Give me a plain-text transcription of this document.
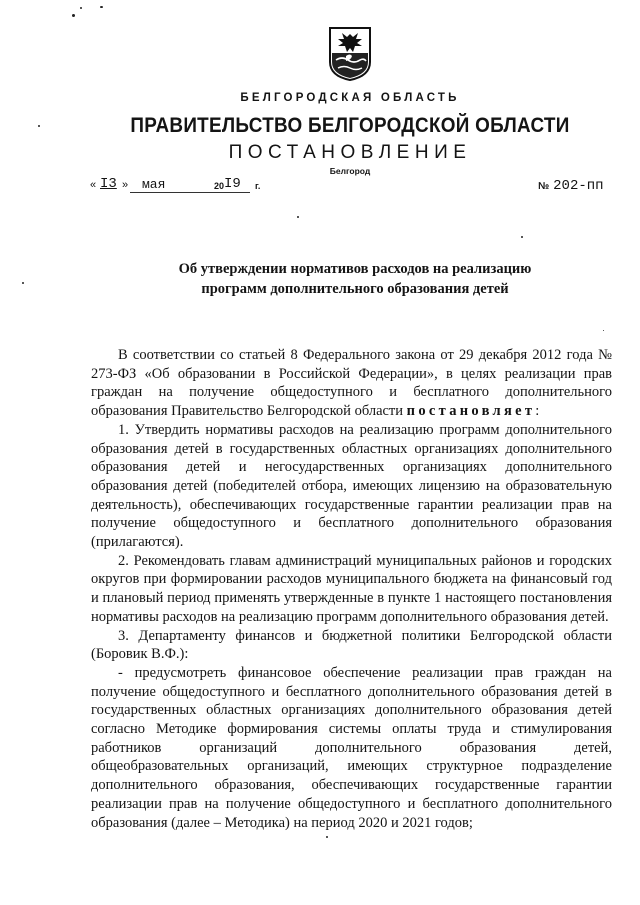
БЕЛГОРОДСКАЯ ОБЛАСТЬ
ПРАВИТЕЛЬСТВО БЕЛГОРОДСКОЙ ОБЛАСТИ
ПОСТАНОВЛЕНИЕ
Белгород
« I3 » мая	20 I9 г.	№ 202-пп
Об утверждении нормативов расходов на реализацию
программ дополнительного образования детей

В соответствии со статьей 8 Федерального закона от 29 декабря 2012 года № 273-ФЗ «Об образовании в Российской Федерации», в целях реализации прав граждан на получение общедоступного и бесплатного дополнительного образования Правительство Белгородской области постановляет:

1. Утвердить нормативы расходов на реализацию программ дополнительного образования детей в государственных областных организациях дополнительного образования детей и негосударственных организациях дополнительного образования детей (победителей отбора, имеющих лицензию на образовательную деятельность), обеспечивающих государственные гарантии реализации прав на получение общедоступного и бесплатного дополнительного образования (прилагаются).

2. Рекомендовать главам администраций муниципальных районов и городских округов при формировании расходов муниципального бюджета на финансовый год и плановый период применять утвержденные в пункте 1 настоящего постановления нормативы расходов на реализацию программ дополнительного образования детей.

3. Департаменту финансов и бюджетной политики Белгородской области (Боровик В.Ф.):

- предусмотреть финансовое обеспечение реализации прав граждан на получение общедоступного и бесплатного дополнительного образования детей в государственных областных организациях дополнительного образования детей согласно Методике формирования системы оплаты труда и стимулирования работников организаций дополнительного образования детей, общеобразовательных организаций, имеющих структурное подразделение дополнительного образования, обеспечивающих государственные гарантии реализации прав на получение общедоступного и бесплатного дополнительного образования (далее – Методика) на период 2020 и 2021 годов;
